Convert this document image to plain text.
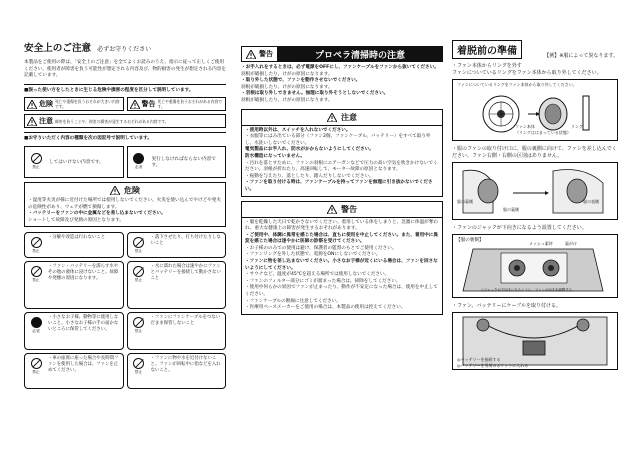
安全上のご注意 必ずお守りください
本製品をご使用の際は、「安全上のご注意」を全てよくお読みのうえ、指示に従って正しくご使用ください。使用者が障害を負う可能性が想定される内容及び、物的損害の発生が想定される内容を記載しています。
■誤った使い方をしたときに生じる危険や損害の程度を区分して説明しています。
危険 死亡や重傷を負うおそれが大きい内容です。	警告 死亡や重傷を負うおそれがある内容です。
注意 障害を負うことや、財産の損害が発生するおそれがある内容です。
■お守りいただく内容の種類を次の図記号で説明しています。
禁止
してはいけない内容です。
必須
実行しなければならない内容です。
危険
・湿度等火災が様に近付けた場所では使用しないでください。火災を使い込んでやけどや発火の危険性があり、ウェアが燃て損傷します。
・バッテリーをファンの中に金属などを差し込まないでください。
ショートして故障及び発熱の原因となります。
禁止
・分解や改造は行わないこと
禁止
・落下させたり、打ち付けたりしないこと
禁止
・ファン・バッテリーを濡らす水やその他の液体に浸けないこと。故障や発煙の原因になります。	禁止
・水に濡れた場合は速やかにファンとバッテリーを接続して動かさないこと
必須
・小さなお子様、動物等に使用しないこと。小さなお子様の手の届かないところに保管してください。	禁止
・ファンにファンケーブルをつないだまま保管しないこと
禁止
・車の座席に座った場合や長時間ファンを使用した場合は、ファンを止めてください。	禁止
・ファンに物や水を近付けないこと。ファンが回転中に指などを入れないこと。
警告	プロペラ清掃時の注意
・お手入れをするときは、必ず電源をOFFにし、ファンケーブルをファンから抜いてください。
羽根が破損したり、けがの原因になります。
・取り外した状態で、ファンを動作させないでください。
羽根が破損したり、けがの原因になります。
・羽根は取り外しできません。無理に取り外そうとしないでください。
羽根が破損したり、けがの原因になります。
注意
・使用時以外は、スイッチを入れないでください。
・衣服等にはみ出ている部分（ファン2個、ファンケーブル、バッテリー）をすべて取り外し、水洗いしないでください。
電気製品にお手入れ、防水がかからないようにしてください。
防水構造になっていません。
・汚れを落とすために、ファンの羽根にエアーガンなどで圧力の高い空気を吹きかけないでください。羽根が折れたり、高速回転して、モーター故障の原因となります。
・振動を与えたり、落としたり、踏んだりしないでください。
・ファンを取り付ける時は、ファンケーブルを持ってファンを無理に引き抜かないでください。
警告
・服を乾燥した天日で乾かさないでください。着用している体をしまうと、急激に体温が奪われ、重大な健康上の障害が発生するおそれがあります。
・ご使用中、体調に異常を感じた場合は、直ちに使用を中止してください。また、着用中に異変を感じた場合は速やかに医師の診察を受けてください。
・お子様ののみでの使用は避け、保護者の監督のもとでご使用ください。
・ファンリングを外した状態で、電源をONにしないでください。
・ファンに物を差し込まないでください。小さなお子様が近くにいる場合は、ファンを回さないようにしてください。
・サウナなど、温度が45℃を超える場所では使用しないでください。
・ファンのフィルター部分にゴミが溜まった場合は、掃除をしてください。
・使用中何らかの原因でファンが止まったり、動作が不安定になった場合は、使用を中止してください。
・ファンケーブルの断線に注意してください。
・医療用ペースメーカーをご使用の場合は、本製品の使用は控えてください。
着脱前の準備	【例】※服によって異なります。
・ファン本体からリングを外す
ファンについているリングをファン本体から取り外してください。
ファンについているリングをファン本体から取り外してください。
ファン本体	リング
（リングははまっている状態）
・服のファンの取り付け口に、服の裏側に向けて、ファンを差し込んでください。ファン右側・右側の区別はありません。
服の裏側
服の裏側
服の表側
・ファンのジャックが下向きになるよう設置してください。
【服の裏側】
メッシュ素材	裏がけ
○ジャックが下向きになるように、ファンの向きを調整する。
・ファン、バッテリーにケーブルを取り付ける。
◎バッテリーを接続する
◎バッテリーを専用のポケットに入れる
